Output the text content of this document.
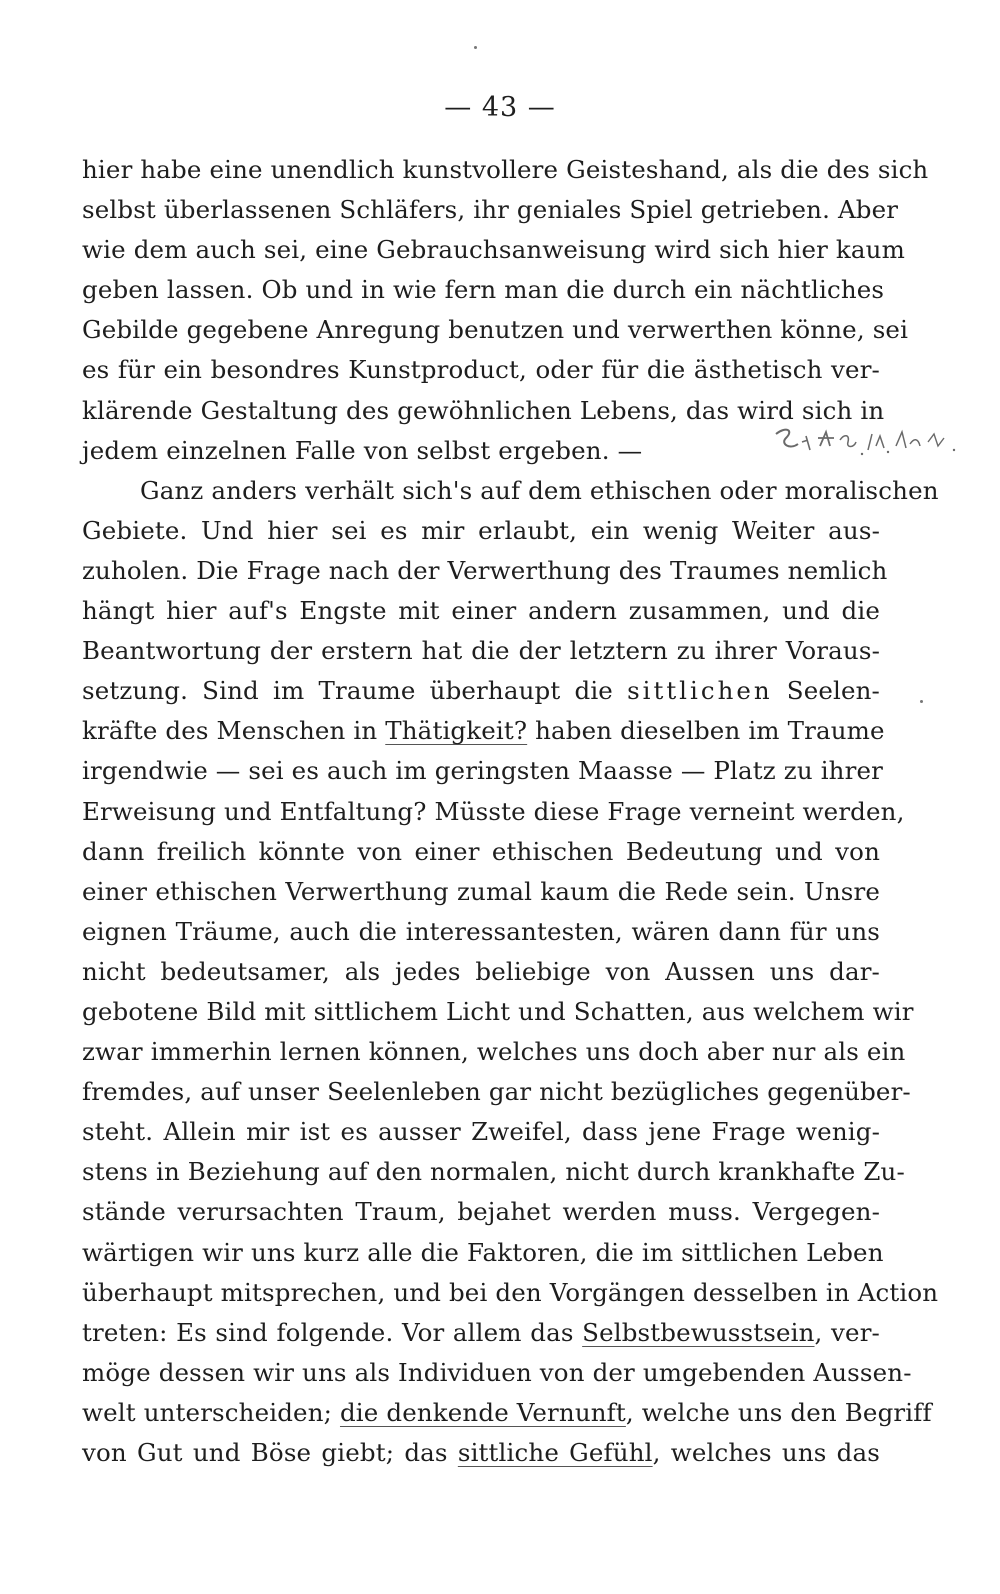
— 43 —
hier habe eine unendlich kunstvollere Geisteshand, als die des sich
selbst überlassenen Schläfers, ihr geniales Spiel getrieben. Aber
wie dem auch sei, eine Gebrauchsanweisung wird sich hier kaum
geben lassen. Ob und in wie fern man die durch ein nächtliches
Gebilde gegebene Anregung benutzen und verwerthen könne, sei
es für ein besondres Kunstproduct, oder für die ästhetisch ver-
klärende Gestaltung des gewöhnlichen Lebens, das wird sich in
jedem einzelnen Falle von selbst ergeben. —
Ganz anders verhält sich's auf dem ethischen oder moralischen
Gebiete. Und hier sei es mir erlaubt, ein wenig Weiter aus-
zuholen. Die Frage nach der Verwerthung des Traumes nemlich
hängt hier auf's Engste mit einer andern zusammen, und die
Beantwortung der erstern hat die der letztern zu ihrer Voraus-
setzung. Sind im Traume überhaupt die sittlichen Seelen-
kräfte des Menschen in Thätigkeit? haben dieselben im Traume
irgendwie — sei es auch im geringsten Maasse — Platz zu ihrer
Erweisung und Entfaltung? Müsste diese Frage verneint werden,
dann freilich könnte von einer ethischen Bedeutung und von
einer ethischen Verwerthung zumal kaum die Rede sein. Unsre
eignen Träume, auch die interessantesten, wären dann für uns
nicht bedeutsamer, als jedes beliebige von Aussen uns dar-
gebotene Bild mit sittlichem Licht und Schatten, aus welchem wir
zwar immerhin lernen können, welches uns doch aber nur als ein
fremdes, auf unser Seelenleben gar nicht bezügliches gegenüber-
steht. Allein mir ist es ausser Zweifel, dass jene Frage wenig-
stens in Beziehung auf den normalen, nicht durch krankhafte Zu-
stände verursachten Traum, bejahet werden muss. Vergegen-
wärtigen wir uns kurz alle die Faktoren, die im sittlichen Leben
überhaupt mitsprechen, und bei den Vorgängen desselben in Action
treten: Es sind folgende. Vor allem das Selbstbewusstsein, ver-
möge dessen wir uns als Individuen von der umgebenden Aussen-
welt unterscheiden; die denkende Vernunft, welche uns den Begriff
von Gut und Böse giebt; das sittliche Gefühl, welches uns das
